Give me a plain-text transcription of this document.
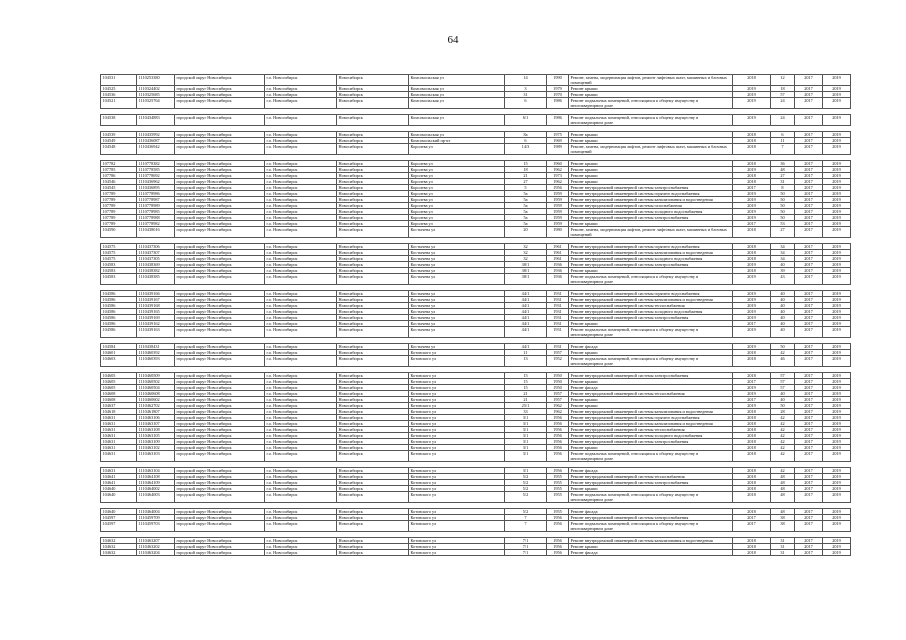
64
104531	1110253380	городской округ Новосибирск	г.о. Новосибирск	Новосибирск	Комсомольская ул	14	1990	Ремонт, замена, модернизация лифтов, ремонт лифтовых шахт, машинных и блочных помещений	2018	12	2017	2019
104525	1110324402	городской округ Новосибирск	г.о. Новосибирск	Новосибирск	Комсомольская ул	3	1979	Ремонт крыши	2019	18	2017	2019
104536	1110325685	городской округ Новосибирск	г.о. Новосибирск	Новосибирск	Комсомольская ул	31	1970	Ремонт крыши	2019	57	2017	2019
104521	1110325764	городской округ Новосибирск	г.о. Новосибирск	Новосибирск	Комсомольская ул	6	1986	Ремонт подвальных помещений, относящихся к общему имуществу в многоквартирном доме	2019	24	2017	2019

104538	1110434883	городской округ Новосибирск	г.о. Новосибирск	Новосибирск	Комсомольская ул	6/1	1986	Ремонт подвальных помещений, относящихся к общему имуществу в многоквартирном доме	2019	24	2017	2019

104539	1110435992	городской округ Новосибирск	г.о. Новосибирск	Новосибирск	Комсомольская ул	8а	1975	Ремонт крыши	2018	6	2017	2019
104549	1110436087	городской округ Новосибирск	г.о. Новосибирск	Новосибирск	Комсомольский пр-кт	6	1969	Ремонт крыши	2018	11	2017	2019
104548	1110436942	городской округ Новосибирск	г.о. Новосибирск	Новосибирск	Королева ул	14/3	1989	Ремонт, замена, модернизация лифтов, ремонт лифтовых шахт, машинных и блочных помещений	2018	7	2017	2019

107782	1110778382	городской округ Новосибирск	г.о. Новосибирск	Новосибирск	Королева ул	15	1960	Ремонт крыши	2018	36	2017	2019
107785	1110778585	городской округ Новосибирск	г.о. Новосибирск	Новосибирск	Королева ул	18	1962	Ремонт крыши	2019	48	2017	2019
107786	1110778692	городской округ Новосибирск	г.о. Новосибирск	Новосибирск	Королева ул	21	1973	Ремонт крыши	2018	27	2017	2019
104546	1110436962	городской округ Новосибирск	г.о. Новосибирск	Новосибирск	Королева ул	27	1962	Ремонт крыши	2018	31	2017	2019
104545	1110436895	городской округ Новосибирск	г.о. Новосибирск	Новосибирск	Королева ул	5	1956	Ремонт внутридомовой инженерной системы электроснабжения	2017	8	2017	2019
107789	1110778986	городской округ Новосибирск	г.о. Новосибирск	Новосибирск	Королева ул	5а	1959	Ремонт внутридомовой инженерной системы горячего водоснабжения	2019	50	2017	2019
107789	1110778987	городской округ Новосибирск	г.о. Новосибирск	Новосибирск	Королева ул	5а	1959	Ремонт внутридомовой инженерной системы канализования и водоотведения	2019	50	2017	2019
107789	1110778989	городской округ Новосибирск	г.о. Новосибирск	Новосибирск	Королева ул	5а	1959	Ремонт внутридомовой инженерной системы газоснабжения	2019	50	2017	2019
107789	1110778985	городской округ Новосибирск	г.о. Новосибирск	Новосибирск	Королева ул	5а	1959	Ремонт внутридомовой инженерной системы холодного водоснабжения	2019	50	2017	2019
107789	1110778988	городской округ Новосибирск	г.о. Новосибирск	Новосибирск	Королева ул	5а	1959	Ремонт внутридомовой инженерной системы электроснабжения	2019	50	2017	2019
107789	1110778982	городской округ Новосибирск	г.о. Новосибирск	Новосибирск	Королева ул	5а	1959	Ремонт крыши	2017	53	2017	2019
104590	1110438016	городской округ Новосибирск	г.о. Новосибирск	Новосибирск	Костычева ул	20	1980	Ремонт, замена, модернизация лифтов, ремонт лифтовых шахт, машинных и блочных помещений	2018	27	2017	2019

104575	1110437306	городской округ Новосибирск	г.о. Новосибирск	Новосибирск	Костычева ул	32	1961	Ремонт внутридомовой инженерной системы горячего водоснабжения	2018	34	2017	2019
104575	1110437307	городской округ Новосибирск	г.о. Новосибирск	Новосибирск	Костычева ул	32	1961	Ремонт внутридомовой инженерной системы канализования и водоотведения	2018	34	2017	2019
104575	1110437305	городской округ Новосибирск	г.о. Новосибирск	Новосибирск	Костычева ул	32	1961	Ремонт внутридомовой инженерной системы холодного водоснабжения	2018	34	2017	2019
104583	1110438369	городской округ Новосибирск	г.о. Новосибирск	Новосибирск	Костычева ул	38/1	1936	Ремонт внутридомовой инженерной системы электроснабжения	2019	40	2017	2019
104583	1110438382	городской округ Новосибирск	г.о. Новосибирск	Новосибирск	Костычева ул	38/1	1936	Ремонт крыши	2018	39	2017	2019
104583	1110438385	городской округ Новосибирск	г.о. Новосибирск	Новосибирск	Костычева ул	38/1	1936	Ремонт подвальных помещений, относящихся к общему имуществу в многоквартирном доме	2019	43	2017	2019

104586	1110439166	городской округ Новосибирск	г.о. Новосибирск	Новосибирск	Костычева ул	44/1	1931	Ремонт внутридомовой инженерной системы горячего водоснабжения	2019	40	2017	2019
104586	1110439167	городской округ Новосибирск	г.о. Новосибирск	Новосибирск	Костычева ул	44/1	1931	Ремонт внутридомовой инженерной системы канализования и водоотведения	2019	40	2017	2019
104586	1110439168	городской округ Новосибирск	г.о. Новосибирск	Новосибирск	Костычева ул	44/1	1931	Ремонт внутридомовой инженерной системы теплоснабжения	2019	40	2017	2019
104586	1110439165	городской округ Новосибирск	г.о. Новосибирск	Новосибирск	Костычева ул	44/1	1931	Ремонт внутридомовой инженерной системы холодного водоснабжения	2019	40	2017	2019
104586	1110439169	городской округ Новосибирск	г.о. Новосибирск	Новосибирск	Костычева ул	44/1	1931	Ремонт внутридомовой инженерной системы электроснабжения	2019	40	2017	2019
104586	1110439162	городской округ Новосибирск	г.о. Новосибирск	Новосибирск	Костычева ул	44/1	1931	Ремонт крыши	2017	40	2017	2019
104586	1110439163	городской округ Новосибирск	г.о. Новосибирск	Новосибирск	Костычева ул	44/1	1931	Ремонт подвальных помещений, относящихся к общему имуществу в многоквартирном доме	2019	40	2017	2019

104584	1110438431	городской округ Новосибирск	г.о. Новосибирск	Новосибирск	Костычева ул	44/1	1931	Ремонт фасада	2019	50	2017	2019
104601	1110460392	городской округ Новосибирск	г.о. Новосибирск	Новосибирск	Котовского ул	11	1957	Ремонт крыши	2018	42	2017	2019
104603	1110460393	городской округ Новосибирск	г.о. Новосибирск	Новосибирск	Котовского ул	13	1952	Ремонт подвальных помещений, относящихся к общему имуществу в многоквартирном доме	2018	46	2017	2019

104605	1110460509	городской округ Новосибирск	г.о. Новосибирск	Новосибирск	Котовского ул	15	1950	Ремонт внутридомовой инженерной системы электроснабжения	2018	57	2017	2019
104605	1110460502	городской округ Новосибирск	г.о. Новосибирск	Новосибирск	Котовского ул	15	1950	Ремонт крыши	2017	57	2017	2019
104605	1110460504	городской округ Новосибирск	г.о. Новосибирск	Новосибирск	Котовского ул	15	1950	Ремонт фасада	2019	57	2017	2019
104608	1110460608	городской округ Новосибирск	г.о. Новосибирск	Новосибирск	Котовского ул	21	1957	Ремонт внутридомовой инженерной системы теплоснабжения	2019	40	2017	2019
104608	1110460602	городской округ Новосибирск	г.о. Новосибирск	Новосибирск	Котовского ул	21	1957	Ремонт крыши	2017	40	2017	2019
104637	1110462702	городской округ Новосибирск	г.о. Новосибирск	Новосибирск	Котовского ул	25/1	1962	Ремонт крыши	2019	50	2017	2019
104618	1110461807	городской округ Новосибирск	г.о. Новосибирск	Новосибирск	Котовского ул	33	1962	Ремонт внутридомовой инженерной системы канализования и водоотведения	2018	28	2017	2019
104631	1110463106	городской округ Новосибирск	г.о. Новосибирск	Новосибирск	Котовского ул	3/1	1956	Ремонт внутридомовой инженерной системы горячего водоснабжения	2018	42	2017	2019
104631	1110463107	городской округ Новосибирск	г.о. Новосибирск	Новосибирск	Котовского ул	3/1	1956	Ремонт внутридомовой инженерной системы канализования и водоотведения	2018	42	2017	2019
104631	1110463108	городской округ Новосибирск	г.о. Новосибирск	Новосибирск	Котовского ул	3/1	1956	Ремонт внутридомовой инженерной системы теплоснабжения	2018	42	2017	2019
104631	1110463105	городской округ Новосибирск	г.о. Новосибирск	Новосибирск	Котовского ул	3/1	1956	Ремонт внутридомовой инженерной системы холодного водоснабжения	2018	42	2017	2019
104631	1110463109	городской округ Новосибирск	г.о. Новосибирск	Новосибирск	Котовского ул	3/1	1956	Ремонт внутридомовой инженерной системы электроснабжения	2018	42	2017	2019
104631	1110463102	городской округ Новосибирск	г.о. Новосибирск	Новосибирск	Котовского ул	3/1	1956	Ремонт крыши	2018	42	2017	2019
104631	1110463103	городской округ Новосибирск	г.о. Новосибирск	Новосибирск	Котовского ул	3/1	1956	Ремонт подвальных помещений, относящихся к общему имуществу в многоквартирном доме	2018	42	2017	2019

104631	1110463104	городской округ Новосибирск	г.о. Новосибирск	Новосибирск	Котовского ул	3/1	1956	Ремонт фасада	2018	42	2017	2019
104641	1110464108	городской округ Новосибирск	г.о. Новосибирск	Новосибирск	Котовского ул	5/2	1955	Ремонт внутридомовой инженерной системы теплоснабжения	2018	48	2017	2019
104641	1110464109	городской округ Новосибирск	г.о. Новосибирск	Новосибирск	Котовского ул	5/2	1955	Ремонт внутридомовой инженерной системы электроснабжения	2018	48	2017	2019
104640	1110464002	городской округ Новосибирск	г.о. Новосибирск	Новосибирск	Котовского ул	5/2	1955	Ремонт крыши	2018	48	2017	2019
104640	1110464003	городской округ Новосибирск	г.о. Новосибирск	Новосибирск	Котовского ул	5/2	1955	Ремонт подвальных помещений, относящихся к общему имуществу в многоквартирном доме	2018	48	2017	2019

104640	1110464004	городской округ Новосибирск	г.о. Новосибирск	Новосибирск	Котовского ул	5/2	1955	Ремонт фасада	2018	48	2017	2019
104597	1110459709	городской округ Новосибирск	г.о. Новосибирск	Новосибирск	Котовского ул	7	1956	Ремонт внутридомовой инженерной системы электроснабжения	2017	38	2017	2019
104597	1110459703	городской округ Новосибирск	г.о. Новосибирск	Новосибирск	Котовского ул	7	1956	Ремонт подвальных помещений, относящихся к общему имуществу в многоквартирном доме	2017	38	2017	2019

104632	1110463207	городской округ Новосибирск	г.о. Новосибирск	Новосибирск	Котовского ул	7/1	1956	Ремонт внутридомовой инженерной системы канализования и водоотведения	2018	31	2017	2019
104632	1110463202	городской округ Новосибирск	г.о. Новосибирск	Новосибирск	Котовского ул	7/1	1956	Ремонт крыши	2018	31	2017	2019
104632	1110463204	городской округ Новосибирск	г.о. Новосибирск	Новосибирск	Котовского ул	7/1	1956	Ремонт фасада	2018	31	2017	2019
